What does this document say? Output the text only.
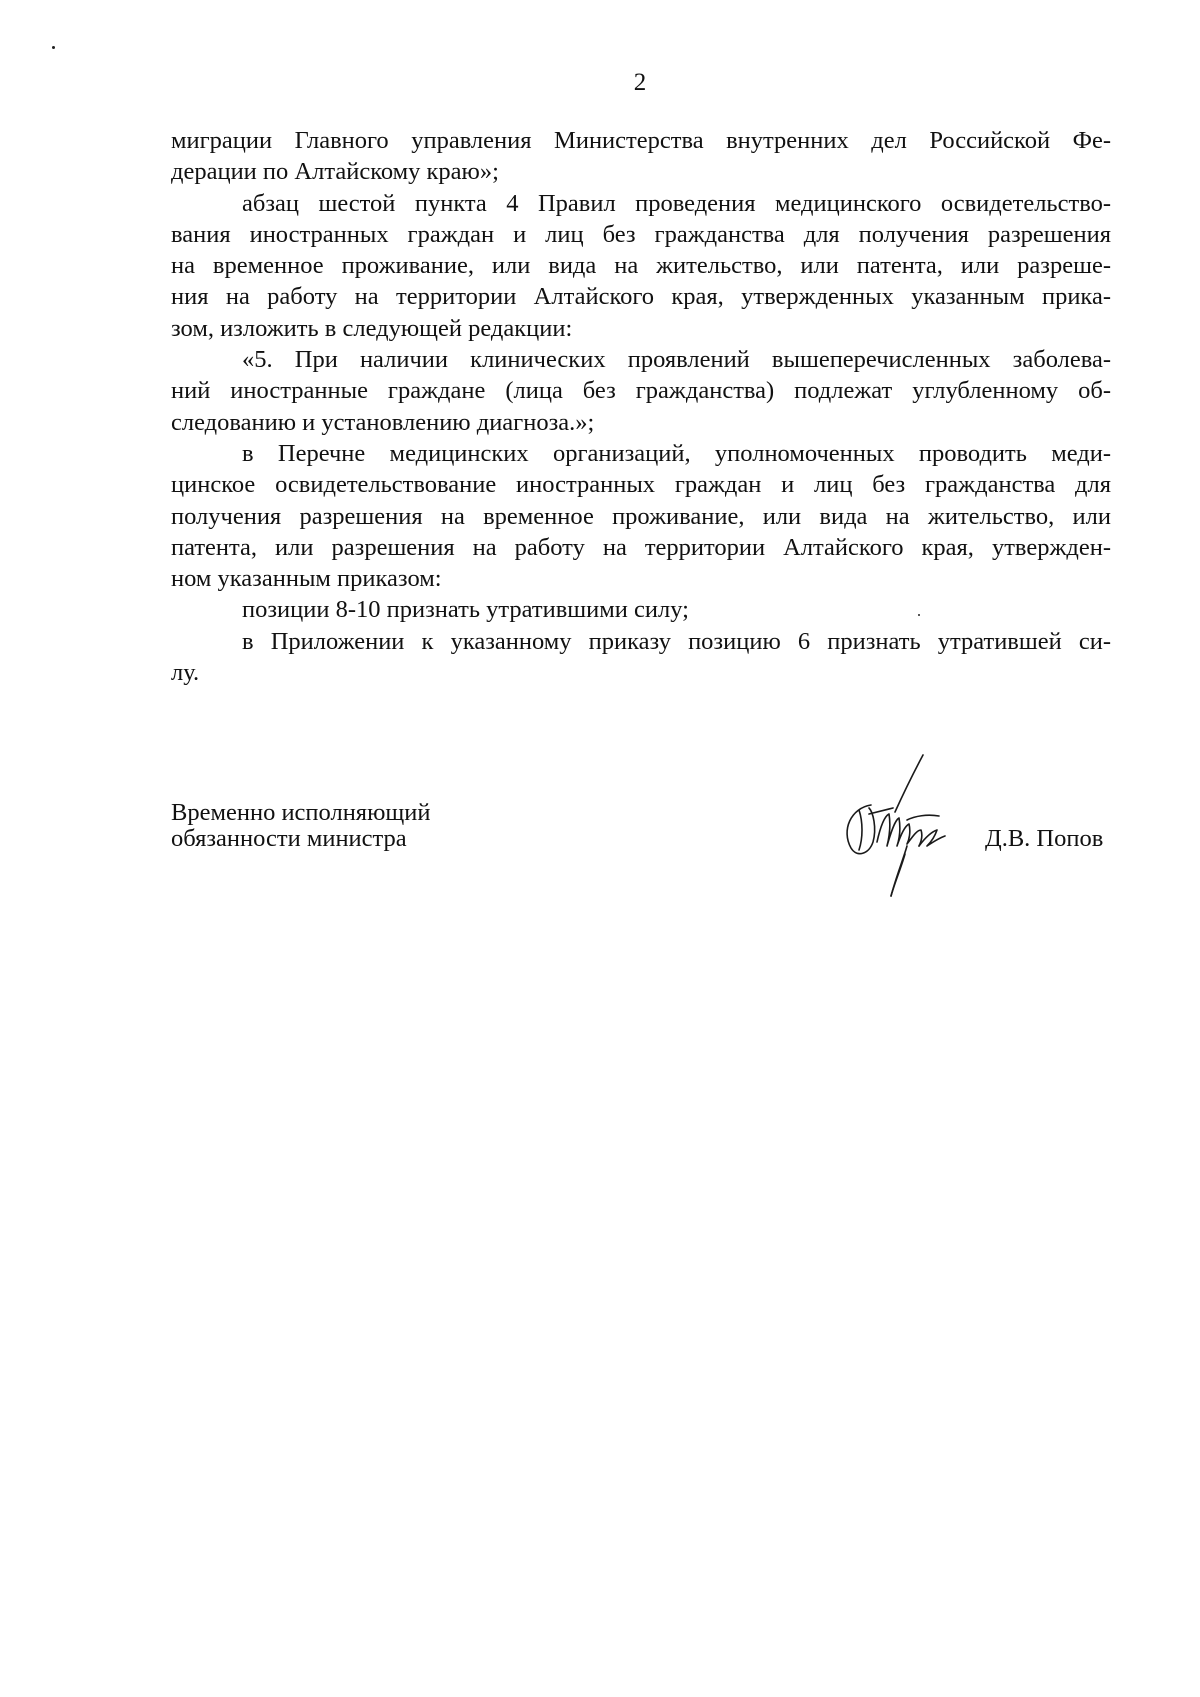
2
миграции Главного управления Министерства внутренних дел Российской Фе-
дерации по Алтайскому краю»;
абзац шестой пункта 4 Правил проведения медицинского освидетельство-
вания иностранных граждан и лиц без гражданства для получения разрешения
на временное проживание, или вида на жительство, или патента, или разреше-
ния на работу на территории Алтайского края, утвержденных указанным прика-
зом, изложить в следующей редакции:
«5. При наличии клинических проявлений вышеперечисленных заболева-
ний иностранные граждане (лица без гражданства) подлежат углубленному об-
следованию и установлению диагноза.»;
в Перечне медицинских организаций, уполномоченных проводить меди-
цинское освидетельствование иностранных граждан и лиц без гражданства для
получения разрешения на временное проживание, или вида на жительство, или
патента, или разрешения на работу на территории Алтайского края, утвержден-
ном указанным приказом:
позиции 8-10 признать утратившими силу;
в Приложении к указанному приказу позицию 6 признать утратившей си-
лу.
Временно исполняющий
обязанности министра	Д.В. Попов
